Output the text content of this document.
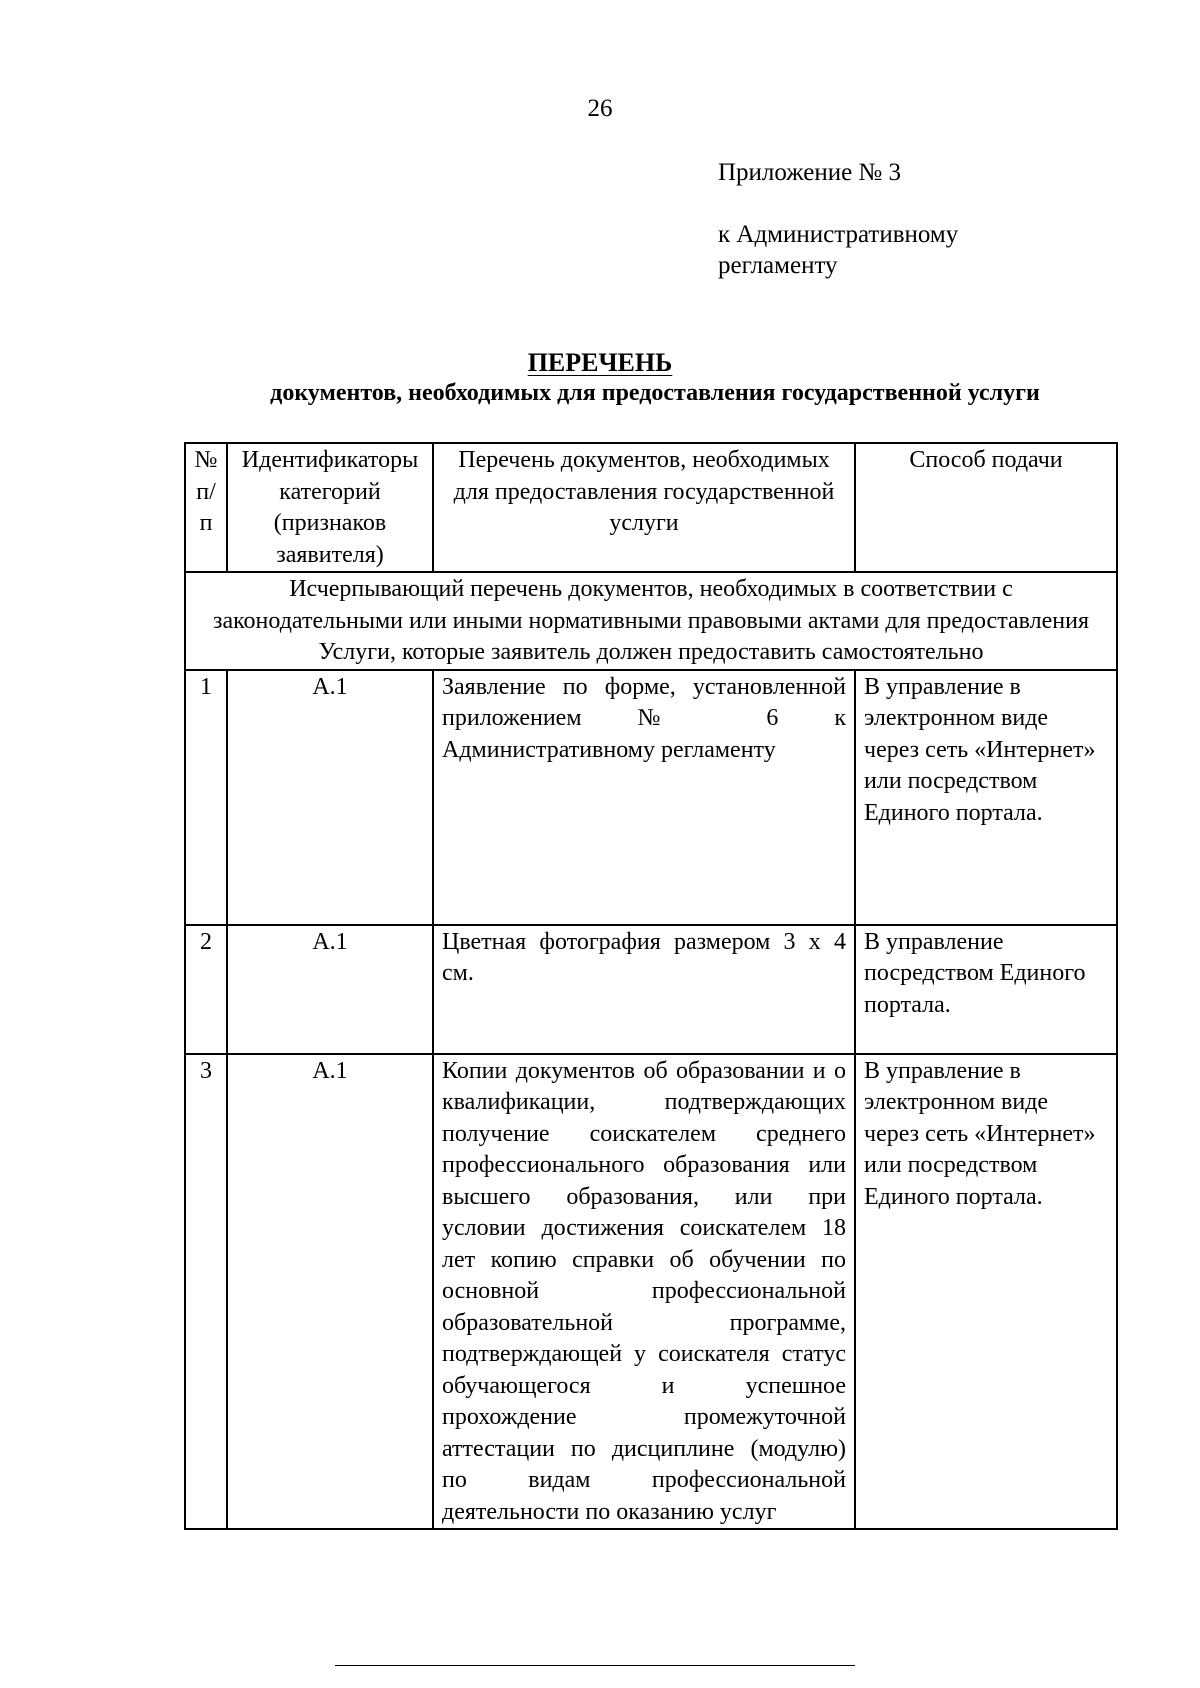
26
Приложение № 3
к Административному
регламенту
ПЕРЕЧЕНЬ
документов, необходимых для предоставления государственной услуги
№ п/п	Идентификаторы категорий (признаков заявителя)	Перечень документов, необходимых для предоставления государственной услуги	Способ подачи
Исчерпывающий перечень документов, необходимых в соответствии с законодательными или иными нормативными правовыми актами для предоставления Услуги, которые заявитель должен предоставить самостоятельно			
1	А.1	Заявление по форме, установленной приложением № 6 к Административному регламенту	В управление в электронном виде через сеть «Интернет» или посредством Единого портала.
2	А.1	Цветная фотография размером 3 х 4 см.	В управление посредством Единого портала.
3	А.1	Копии документов об образовании и о квалификации, подтверждающих получение соискателем среднего профессионального образования или высшего образования, или при условии достижения соискателем 18 лет копию справки об обучении по основной профессиональной образовательной программе, подтверждающей у соискателя статус обучающегося и успешное прохождение промежуточной аттестации по дисциплине (модулю) по видам профессиональной деятельности по оказанию услуг	В управление в электронном виде через сеть «Интернет» или посредством Единого портала.
